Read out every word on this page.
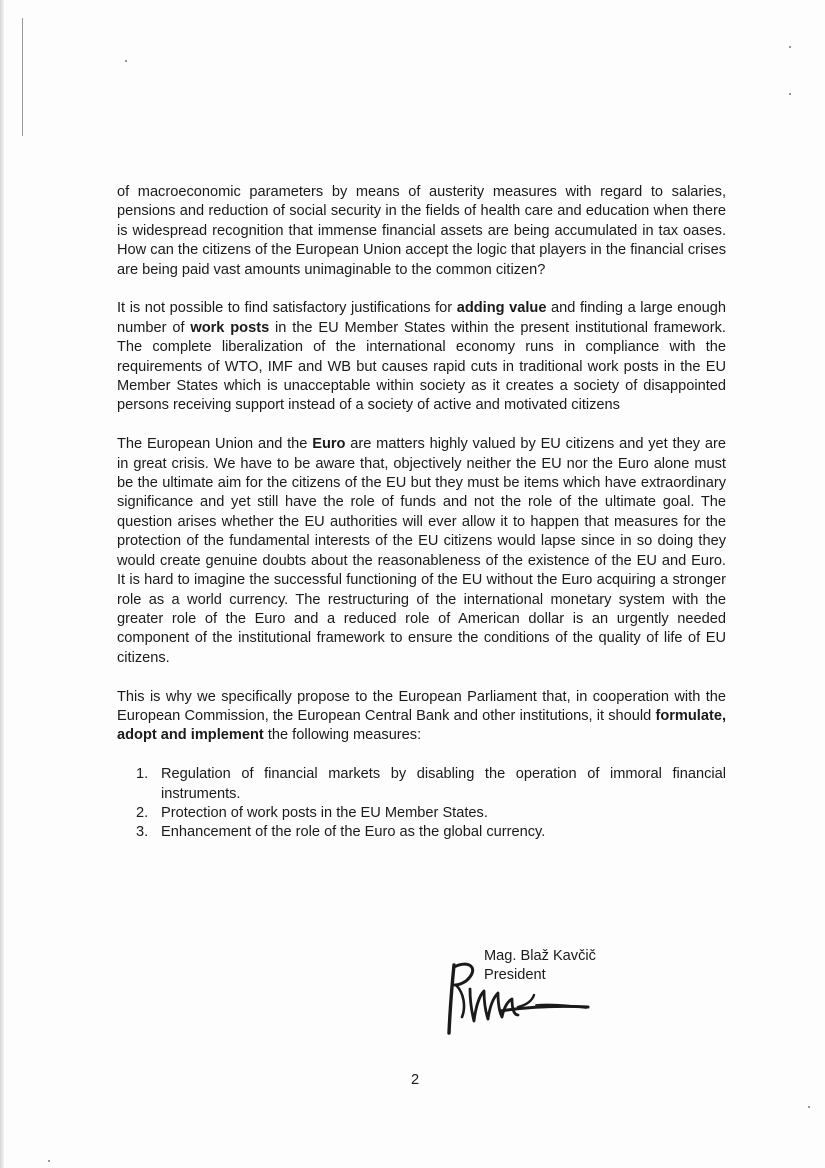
of macroeconomic parameters by means of austerity measures with regard to salaries, pensions and reduction of social security in the fields of health care and education when there is widespread recognition that immense financial assets are being accumulated in tax oases. How can the citizens of the European Union accept the logic that players in the financial crises are being paid vast amounts unimaginable to the common citizen?

It is not possible to find satisfactory justifications for adding value and finding a large enough number of work posts in the EU Member States within the present institutional framework. The complete liberalization of the international economy runs in compliance with the requirements of WTO, IMF and WB but causes rapid cuts in traditional work posts in the EU Member States which is unacceptable within society as it creates a society of disappointed persons receiving support instead of a society of active and motivated citizens

The European Union and the Euro are matters highly valued by EU citizens and yet they are in great crisis. We have to be aware that, objectively neither the EU nor the Euro alone must be the ultimate aim for the citizens of the EU but they must be items which have extraordinary significance and yet still have the role of funds and not the role of the ultimate goal. The question arises whether the EU authorities will ever allow it to happen that measures for the protection of the fundamental interests of the EU citizens would lapse since in so doing they would create genuine doubts about the reasonableness of the existence of the EU and Euro. It is hard to imagine the successful functioning of the EU without the Euro acquiring a stronger role as a world currency. The restructuring of the international monetary system with the greater role of the Euro and a reduced role of American dollar is an urgently needed component of the institutional framework to ensure the conditions of the quality of life of EU citizens.

This is why we specifically propose to the European Parliament that, in cooperation with the European Commission, the European Central Bank and other institutions, it should formulate, adopt and implement the following measures:

1. Regulation of financial markets by disabling the operation of immoral financial instruments.
2. Protection of work posts in the EU Member States.
3. Enhancement of the role of the Euro as the global currency.
Mag. Blaž Kavčič
President
2
